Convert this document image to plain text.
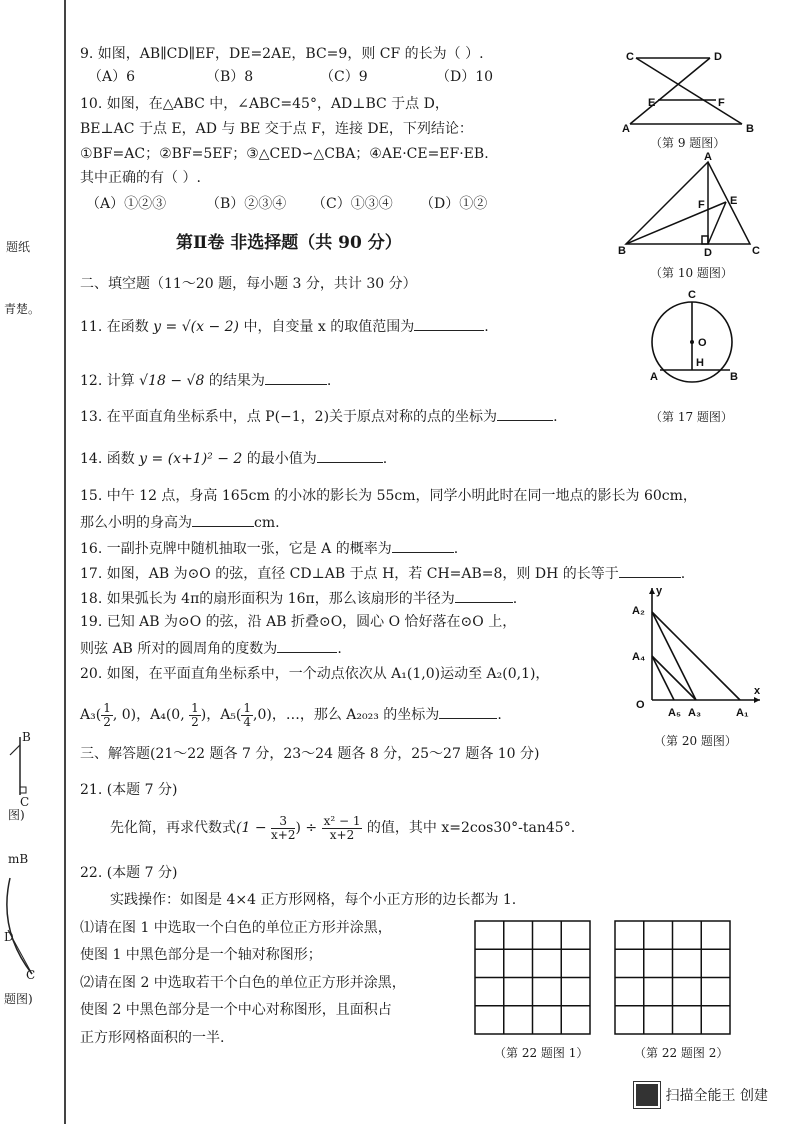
题纸
青楚。
B
C
图)
mB
D
C
题图)
9. 如图，AB∥CD∥EF，DE=2AE，BC=9，则 CF 的长为（ ）.
（A）6	（B）8	（C）9	（D）10
10. 如图，在△ABC 中，∠ABC=45°，AD⊥BC 于点 D，
BE⊥AC 于点 E，AD 与 BE 交于点 F，连接 DE，下列结论：
①BF=AC；②BF=5EF；③△CED∽△CBA；④AE·CE=EF·EB.
其中正确的有（ ）.
（A）①②③	（B）②③④ （C）①③④ （D）①②
第Ⅱ卷 非选择题（共 90 分）
二、填空题（11～20 题，每小题 3 分，共计 30 分）
11. 在函数 y = √(x − 2) 中，自变量 x 的取值范围为	.
12. 计算 √18 − √8 的结果为	.
13. 在平面直角坐标系中，点 P(−1，2)关于原点对称的点的坐标为	.
14. 函数 y = (x+1)² − 2 的最小值为	.
15. 中午 12 点，身高 165cm 的小冰的影长为 55cm，同学小明此时在同一地点的影长为 60cm，
那么小明的身高为	cm.
16. 一副扑克牌中随机抽取一张，它是 A 的概率为	.
17. 如图，AB 为⊙O 的弦，直径 CD⊥AB 于点 H，若 CH=AB=8，则 DH 的长等于	.
18. 如果弧长为 4π的扇形面积为 16π，那么该扇形的半径为	.
19. 已知 AB 为⊙O 的弦，沿 AB 折叠⊙O，圆心 O 恰好落在⊙O 上，
则弦 AB 所对的圆周角的度数为	.
20. 如图，在平面直角坐标系中，一个动点依次从 A₁(1,0)运动至 A₂(0,1)，
$A_3( \frac{1}{2}$ , 0)，A₄(0, $\frac{1}{2}$ )，$A_5( \frac{1}{4} ,0)$，…，那么 A₂₀₂₃ 的坐标为	.
三、解答题(21～22 题各 7 分，23～24 题各 8 分，25～27 题各 10 分)
21. (本题 7 分)
先化简，再求代数式($1 - \frac{3}{x+2}$ ) ÷ $\frac{\text{x² − 1}}{x+2}$ 的值，其中 x=2cos30°-tan45°.
22. (本题 7 分)
实践操作：如图是 4×4 正方形网格，每个小正方形的边长都为 1.
⑴请在图 1 中选取一个白色的单位正方形并涂黑，
使图 1 中黑色部分是一个轴对称图形；
⑵请在图 2 中选取若干个白色的单位正方形并涂黑，
使图 2 中黑色部分是一个中心对称图形，且面积占
正方形网格面积的一半.
C	D
E	F
A	B
（第 9 题图）
A
E
F
B	D	C
（第 10 题图）
C
O
H
A	B
（第 17 题图）
y
A₂
A₄
O
A₅ A₃	A₁
x
（第 20 题图）
（第 22 题图 1）	（第 22 题图 2）
扫描全能王 创建
